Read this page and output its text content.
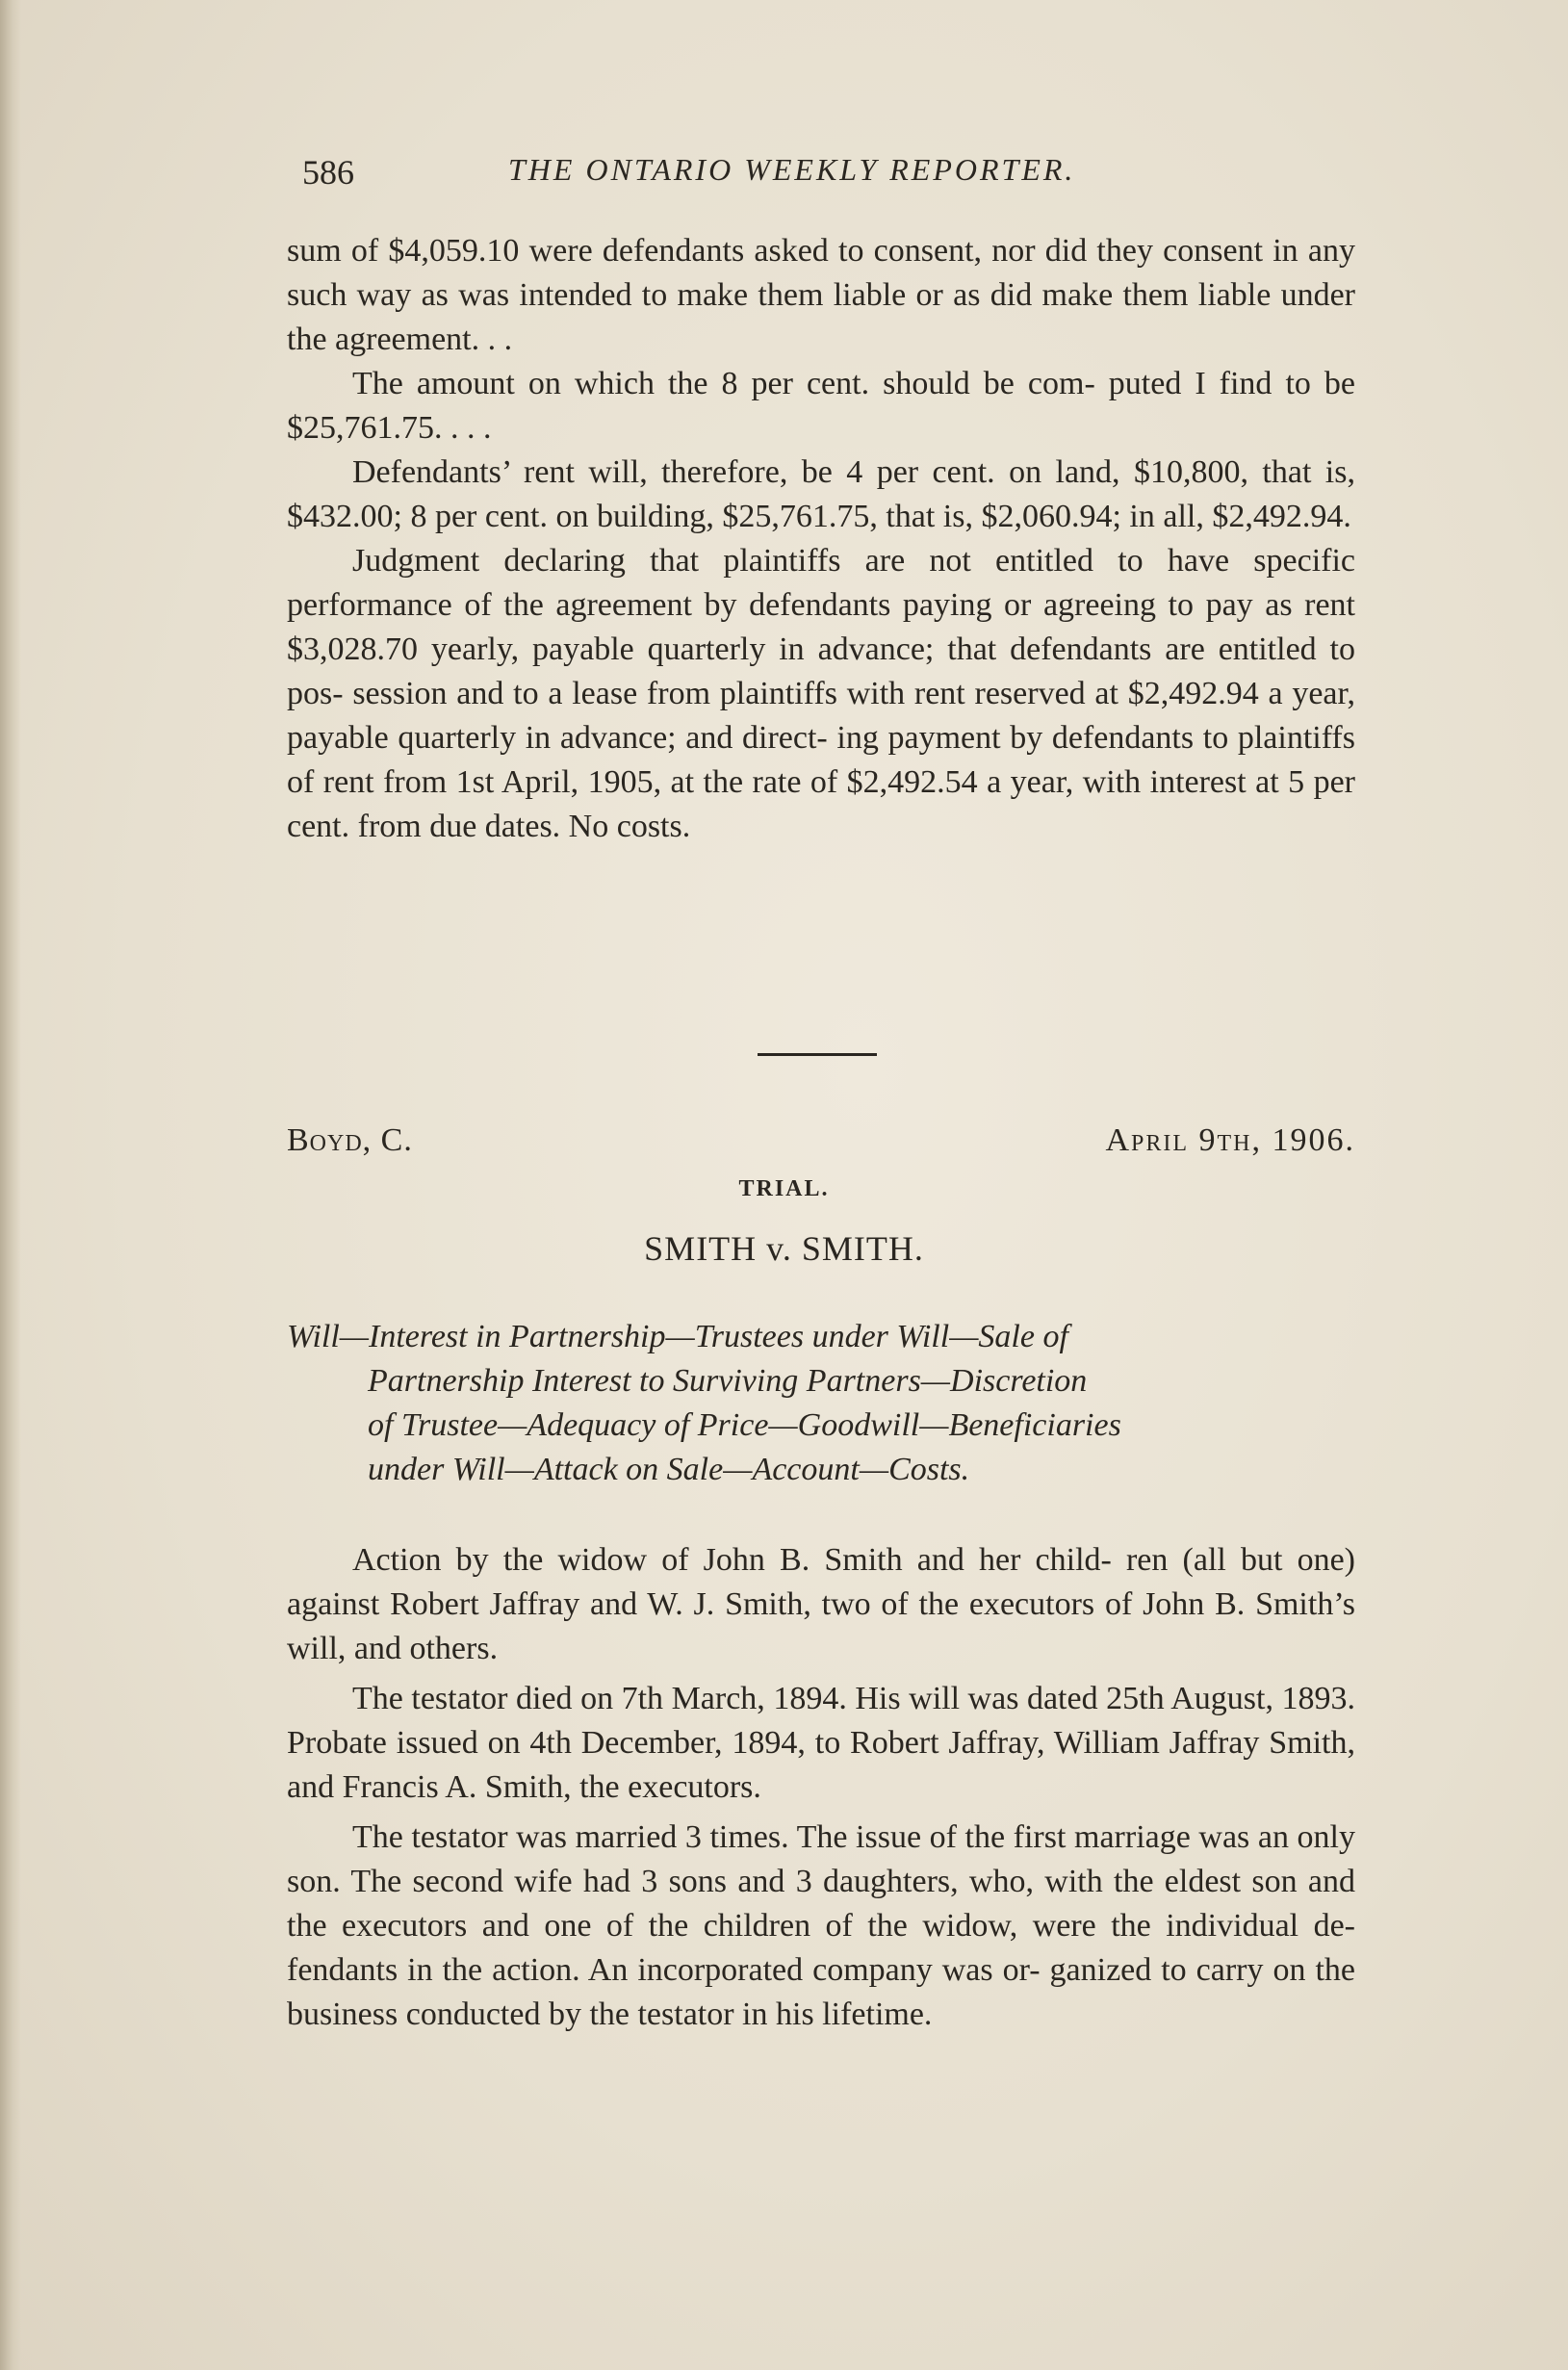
586	THE ONTARIO WEEKLY REPORTER.

sum of $4,059.10 were defendants asked to consent, nor did they consent in any such way as was intended to make them liable or as did make them liable under the agreement. . .

The amount on which the 8 per cent. should be com- puted I find to be $25,761.75. . . .

Defendants’ rent will, therefore, be 4 per cent. on land, $10,800, that is, $432.00; 8 per cent. on building, $25,761.75, that is, $2,060.94; in all, $2,492.94.

Judgment declaring that plaintiffs are not entitled to have specific performance of the agreement by defendants paying or agreeing to pay as rent $3,028.70 yearly, payable quarterly in advance; that defendants are entitled to pos- session and to a lease from plaintiffs with rent reserved at $2,492.94 a year, payable quarterly in advance; and direct- ing payment by defendants to plaintiffs of rent from 1st April, 1905, at the rate of $2,492.54 a year, with interest at 5 per cent. from due dates. No costs.

Boyd, C.	April 9th, 1906.
TRIAL.
SMITH v. SMITH.
Will—Interest in Partnership—Trustees under Will—Sale of
Partnership Interest to Surviving Partners—Discretion
of Trustee—Adequacy of Price—Goodwill—Beneficiaries
under Will—Attack on Sale—Account—Costs.

Action by the widow of John B. Smith and her child- ren (all but one) against Robert Jaffray and W. J. Smith, two of the executors of John B. Smith’s will, and others.

The testator died on 7th March, 1894. His will was dated 25th August, 1893. Probate issued on 4th December, 1894, to Robert Jaffray, William Jaffray Smith, and Francis A. Smith, the executors.

The testator was married 3 times. The issue of the first marriage was an only son. The second wife had 3 sons and 3 daughters, who, with the eldest son and the executors and one of the children of the widow, were the individual de- fendants in the action. An incorporated company was or- ganized to carry on the business conducted by the testator in his lifetime.
